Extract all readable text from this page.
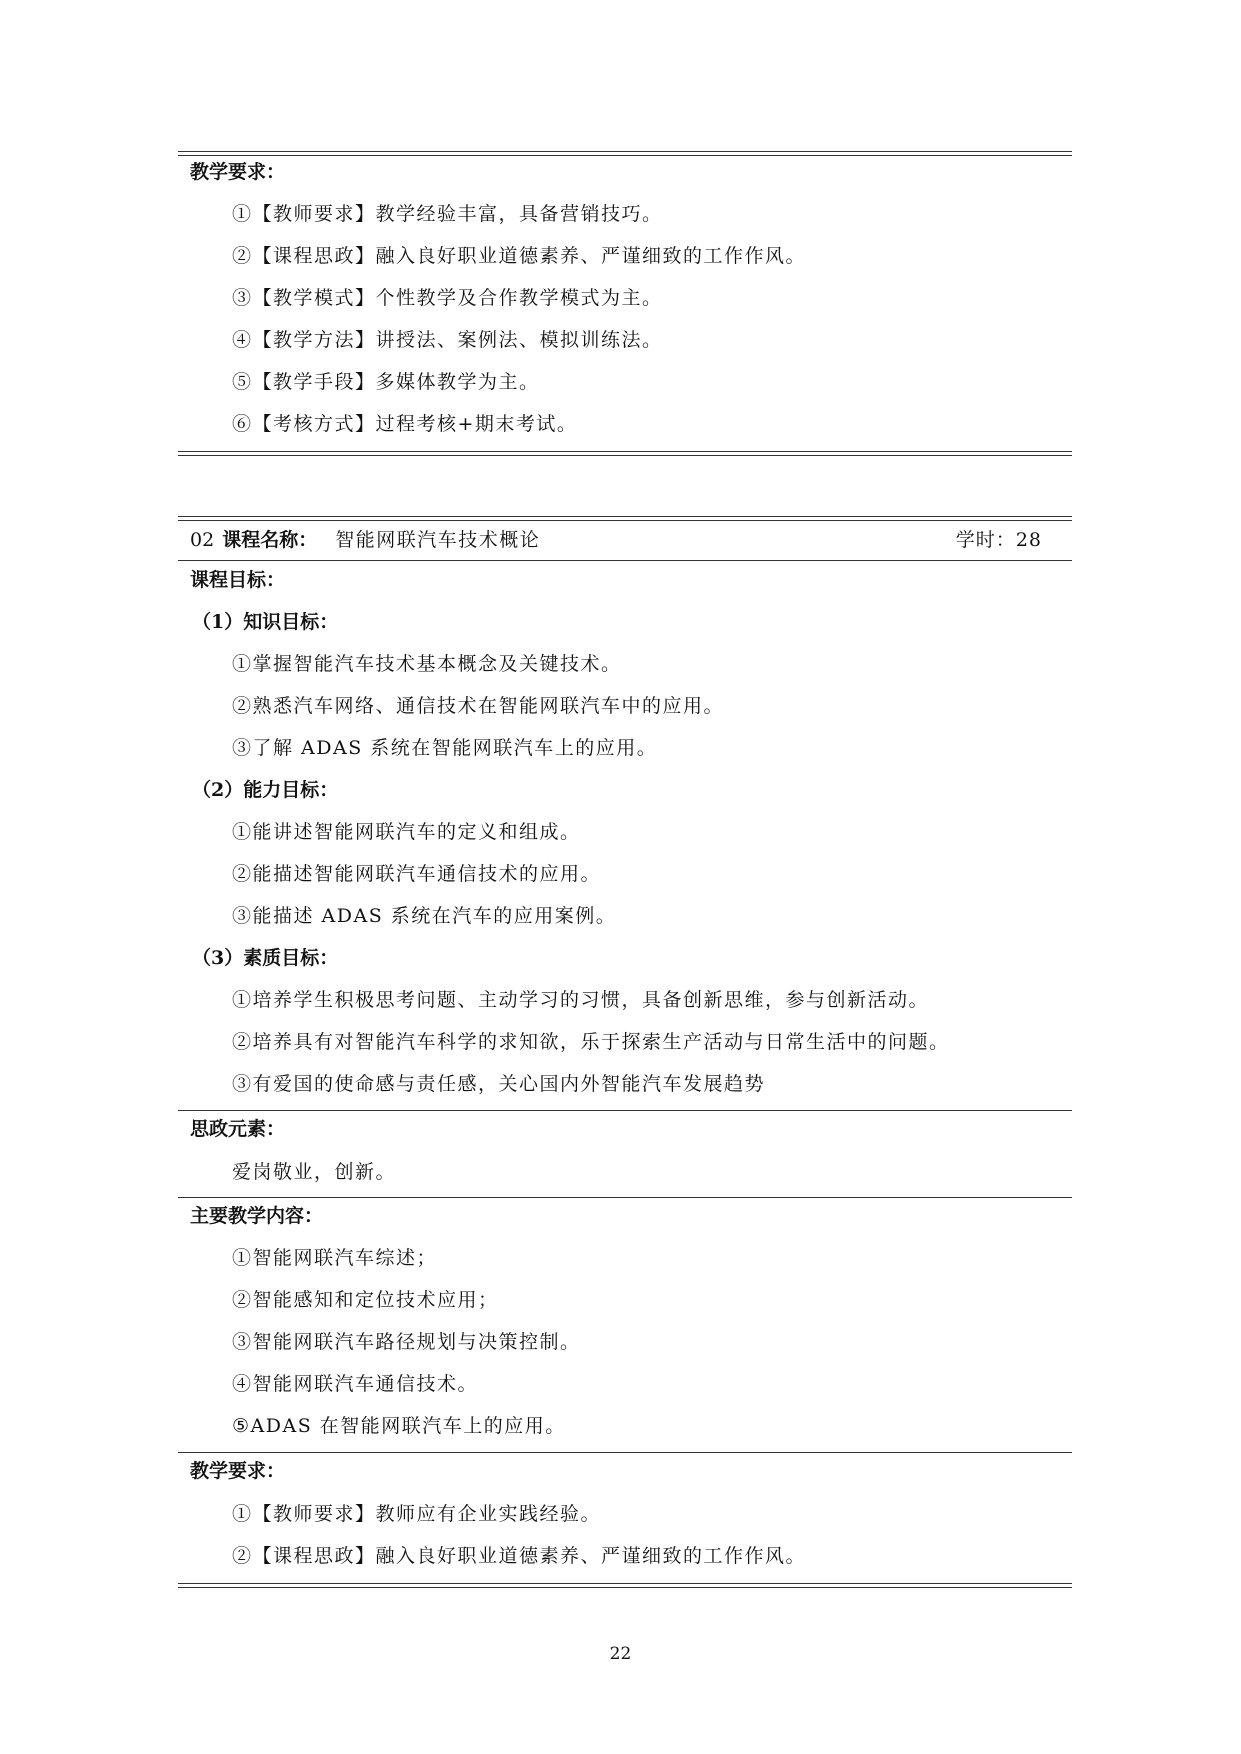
教学要求：
①【教师要求】教学经验丰富，具备营销技巧。
②【课程思政】融入良好职业道德素养、严谨细致的工作作风。
③【教学模式】个性教学及合作教学模式为主。
④【教学方法】讲授法、案例法、模拟训练法。
⑤【教学手段】多媒体教学为主。
⑥【考核方式】过程考核+期末考试。
02 课程名称： 智能网联汽车技术概论	学时：28
课程目标：
（1）知识目标：
①掌握智能汽车技术基本概念及关键技术。
②熟悉汽车网络、通信技术在智能网联汽车中的应用。
③了解 ADAS 系统在智能网联汽车上的应用。
（2）能力目标：
①能讲述智能网联汽车的定义和组成。
②能描述智能网联汽车通信技术的应用。
③能描述 ADAS 系统在汽车的应用案例。
（3）素质目标：
①培养学生积极思考问题、主动学习的习惯，具备创新思维，参与创新活动。
②培养具有对智能汽车科学的求知欲，乐于探索生产活动与日常生活中的问题。
③有爱国的使命感与责任感，关心国内外智能汽车发展趋势
思政元素：
爱岗敬业，创新。
主要教学内容：
①智能网联汽车综述；
②智能感知和定位技术应用；
③智能网联汽车路径规划与决策控制。
④智能网联汽车通信技术。
⑤ADAS 在智能网联汽车上的应用。
教学要求：
①【教师要求】教师应有企业实践经验。
②【课程思政】融入良好职业道德素养、严谨细致的工作作风。
22
